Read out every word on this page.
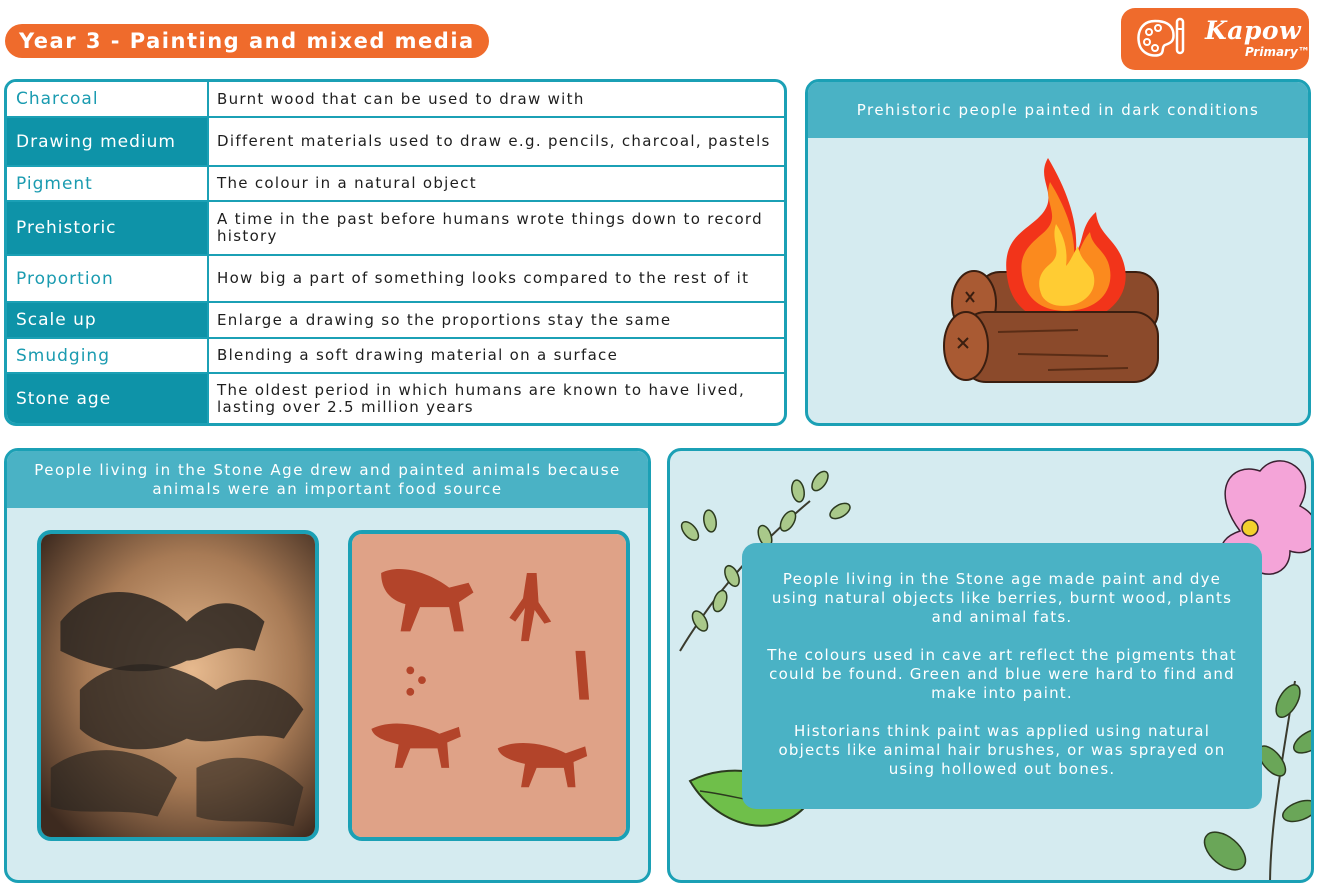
Year 3 - Painting and mixed media	Kapow
Primary™
Charcoal	Burnt wood that can be used to draw with
Drawing medium	Different materials used to draw e.g. pencils, charcoal, pastels
Pigment	The colour in a natural object
Prehistoric	A time in the past before humans wrote things down to record history
Proportion	How big a part of something looks compared to the rest of it
Scale up	Enlarge a drawing so the proportions stay the same
Smudging	Blending a soft drawing material on a surface
Stone age	The oldest period in which humans are known to have lived, lasting over 2.5 million years
Prehistoric people painted in dark conditions
People living in the Stone Age drew and painted animals because animals were an important food source

People living in the Stone age made paint and dye using natural objects like berries, burnt wood, plants and animal fats.

The colours used in cave art reflect the pigments that could be found. Green and blue were hard to find and make into paint.

Historians think paint was applied using natural objects like animal hair brushes, or was sprayed on using hollowed out bones.
